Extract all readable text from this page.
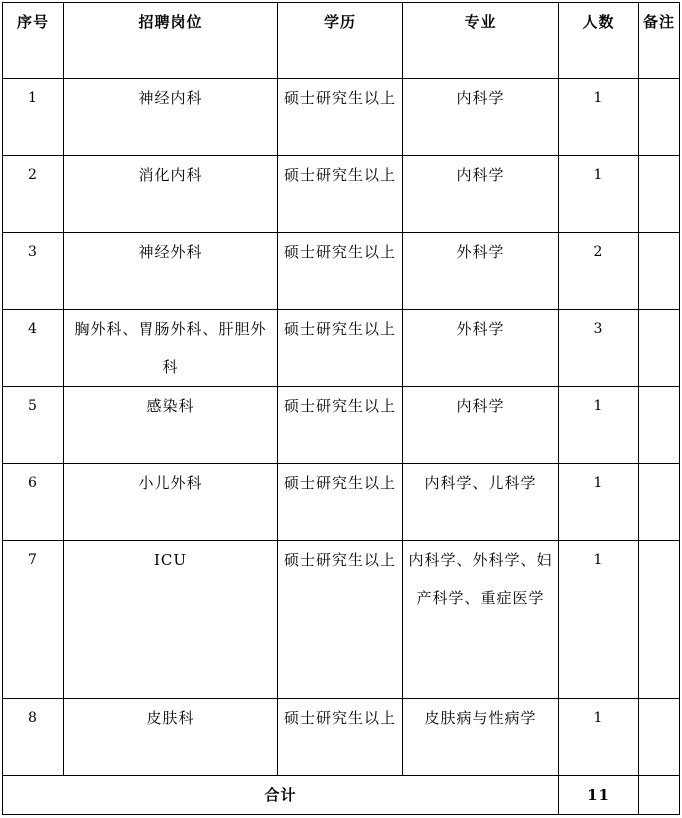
序号	招聘岗位	学历	专业	人数	备注
1	神经内科	硕士研究生以上	内科学	1	
2	消化内科	硕士研究生以上	内科学	1	
3	神经外科	硕士研究生以上	外科学	2	
4	胸外科、胃肠外科、肝胆外科	硕士研究生以上	外科学	3	
5	感染科	硕士研究生以上	内科学	1	
6	小儿外科	硕士研究生以上	内科学、儿科学	1	
7	ICU	硕士研究生以上	内科学、外科学、妇产科学、重症医学	1	
8	皮肤科	硕士研究生以上	皮肤病与性病学	1	
合计				11	
